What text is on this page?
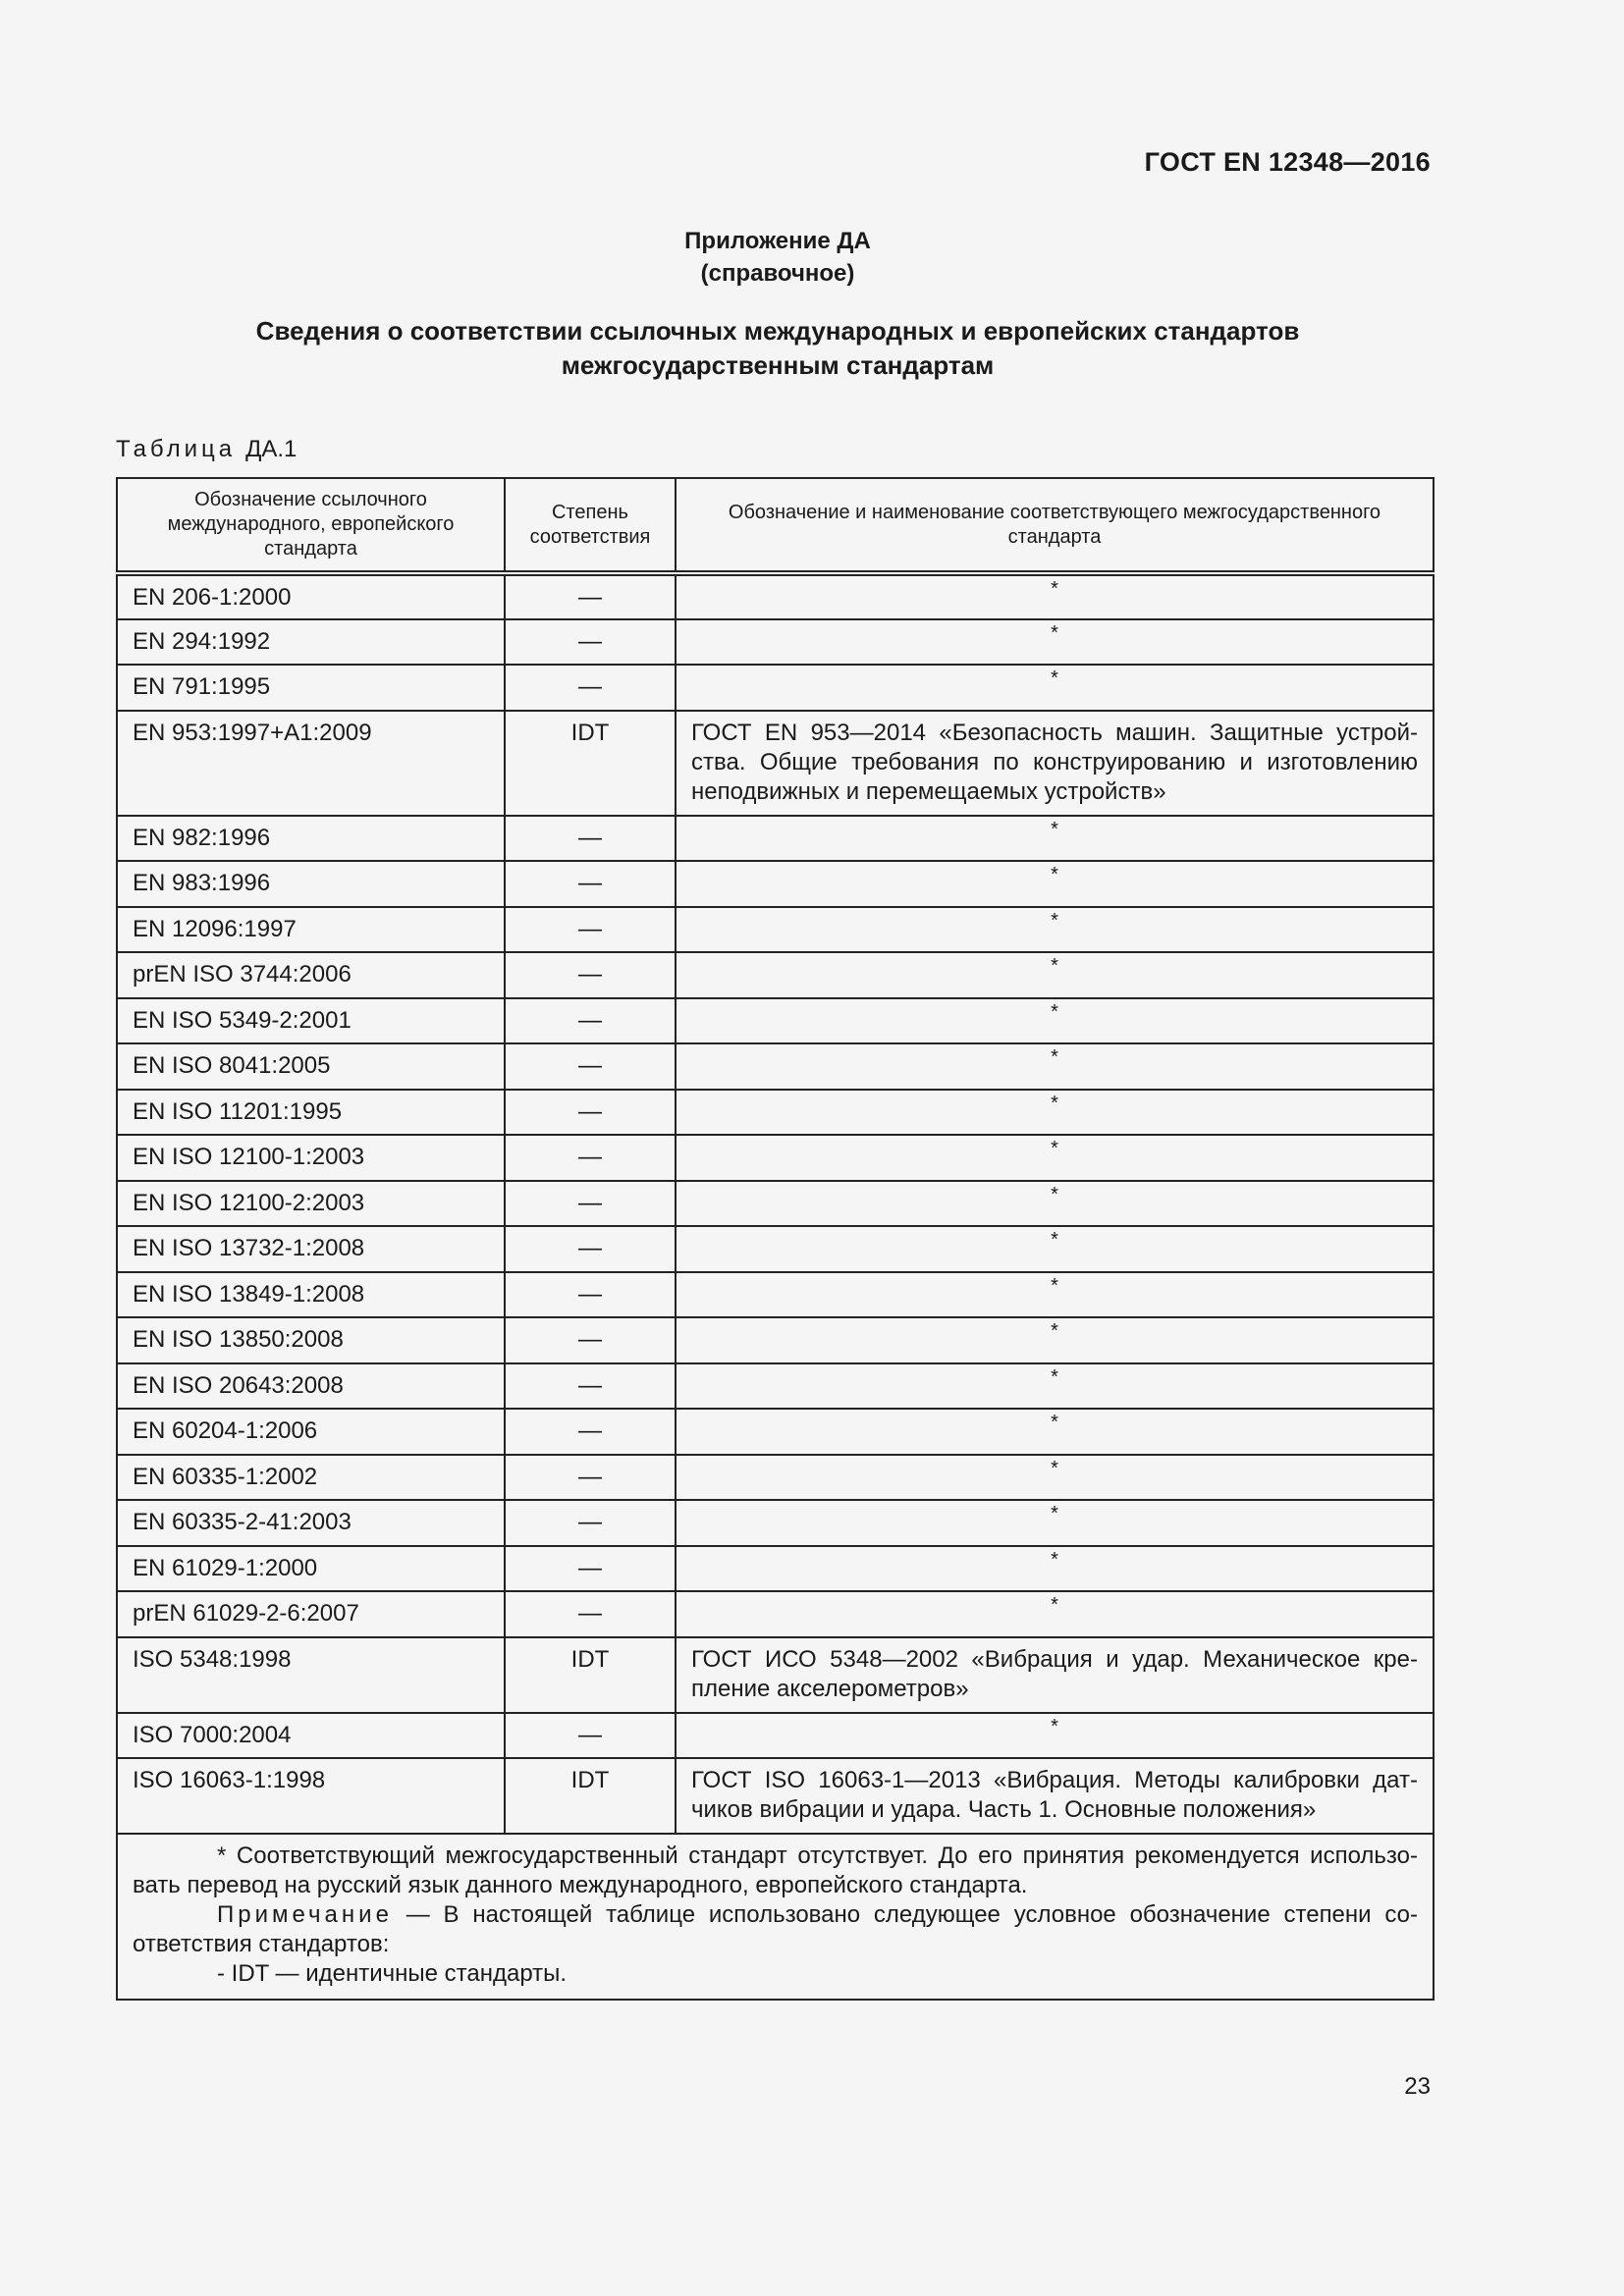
ГОСТ EN 12348—2016
Приложение ДА
(справочное)
Сведения о соответствии ссылочных международных и европейских стандартов
межгосударственным стандартам
Таблица ДА.1
Обозначение ссылочного международного, европейского стандарта	Степень соответствия	Обозначение и наименование соответствующего межгосударственного стандарта
EN 206-1:2000	—	*
EN 294:1992	—	*
EN 791:1995	—	*
EN 953:1997+A1:2009	IDT	ГОСТ EN 953—2014 «Безопасность машин. Защитные устройства. Общие требования по конструированию и изготовлению неподвижных и перемещаемых устройств»
EN 982:1996	—	*
EN 983:1996	—	*
EN 12096:1997	—	*
prEN ISO 3744:2006	—	*
EN ISO 5349-2:2001	—	*
EN ISO 8041:2005	—	*
EN ISO 11201:1995	—	*
EN ISO 12100-1:2003	—	*
EN ISO 12100-2:2003	—	*
EN ISO 13732-1:2008	—	*
EN ISO 13849-1:2008	—	*
EN ISO 13850:2008	—	*
EN ISO 20643:2008	—	*
EN 60204-1:2006	—	*
EN 60335-1:2002	—	*
EN 60335-2-41:2003	—	*
EN 61029-1:2000	—	*
prEN 61029-2-6:2007	—	*
ISO 5348:1998	IDT	ГОСТ ИСО 5348—2002 «Вибрация и удар. Механическое крепление акселерометров»
ISO 7000:2004	—	*
ISO 16063-1:1998	IDT	ГОСТ ISO 16063-1—2013 «Вибрация. Методы калибровки датчиков вибрации и удара. Часть 1. Основные положения»

* Соответствующий межгосударственный стандарт отсутствует. До его принятия рекомендуется использовать перевод на русский язык данного международного, европейского стандарта.
Примечание — В настоящей таблице использовано следующее условное обозначение степени соответствия стандартов:
- IDT — идентичные стандарты.		
23
